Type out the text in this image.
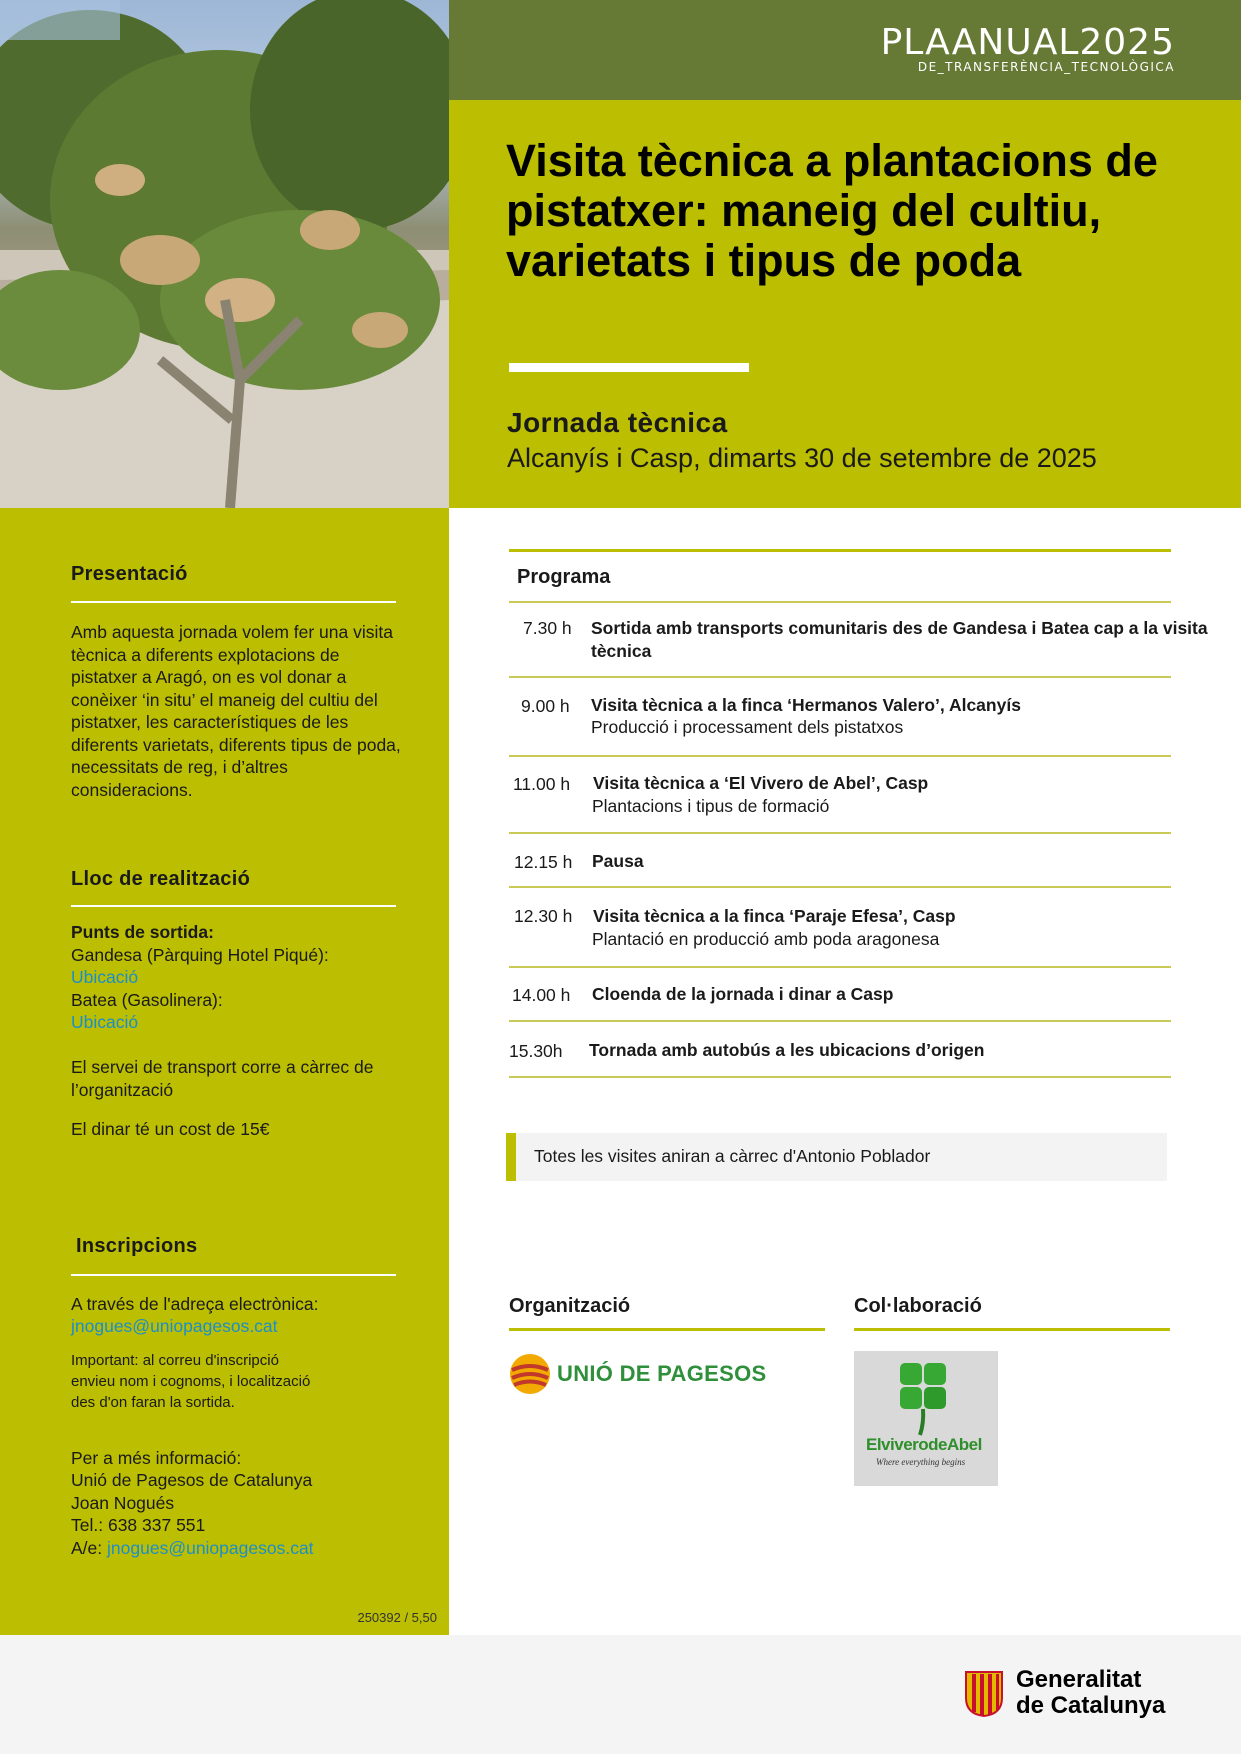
PLAANUAL2025
DE_TRANSFERÈNCIA_TECNOLÒGICA
Visita tècnica a plantacions de pistatxer: maneig del cultiu, varietats i tipus de poda
Jornada tècnica
Alcanyís i Casp, dimarts 30 de setembre de 2025
Presentació
Amb aquesta jornada volem fer una visita tècnica a diferents explotacions de pistatxer a Aragó, on es vol donar a conèixer ‘in situ’ el maneig del cultiu del pistatxer, les característiques de les diferents varietats, diferents tipus de poda, necessitats de reg, i d’altres consideracions.
Lloc de realització
Punts de sortida:
Gandesa (Pàrquing Hotel Piqué):
Ubicació
Batea (Gasolinera):
Ubicació
El servei de transport corre a càrrec de l’organització
El dinar té un cost de 15€
Inscripcions
A través de l'adreça electrònica:
jnogues@uniopagesos.cat
Important: al correu d'inscripció envieu nom i cognoms, i localització des d'on faran la sortida.
Per a més informació:
Unió de Pagesos de Catalunya
Joan Nogués
Tel.: 638 337 551
A/e: jnogues@uniopagesos.cat
250392 / 5,50
Programa
7.30 h Sortida amb transports comunitaris des de Gandesa i Batea cap a la visita tècnica
9.00 h Visita tècnica a la finca ‘Hermanos Valero’, Alcanyís
Producció i processament dels pistatxos
11.00 h Visita tècnica a ‘El Vivero de Abel’, Casp
Plantacions i tipus de formació
12.15 h Pausa
12.30 h Visita tècnica a la finca ‘Paraje Efesa’, Casp
Plantació en producció amb poda aragonesa
14.00 h Cloenda de la jornada i dinar a Casp
15.30h Tornada amb autobús a les ubicacions d’origen
Totes les visites aniran a càrrec d'Antonio Poblador
Organització	Col·laboració
UNIÓ DE PAGESOS
ElviverodeAbel
Where everything begins
Generalitat
de Catalunya
